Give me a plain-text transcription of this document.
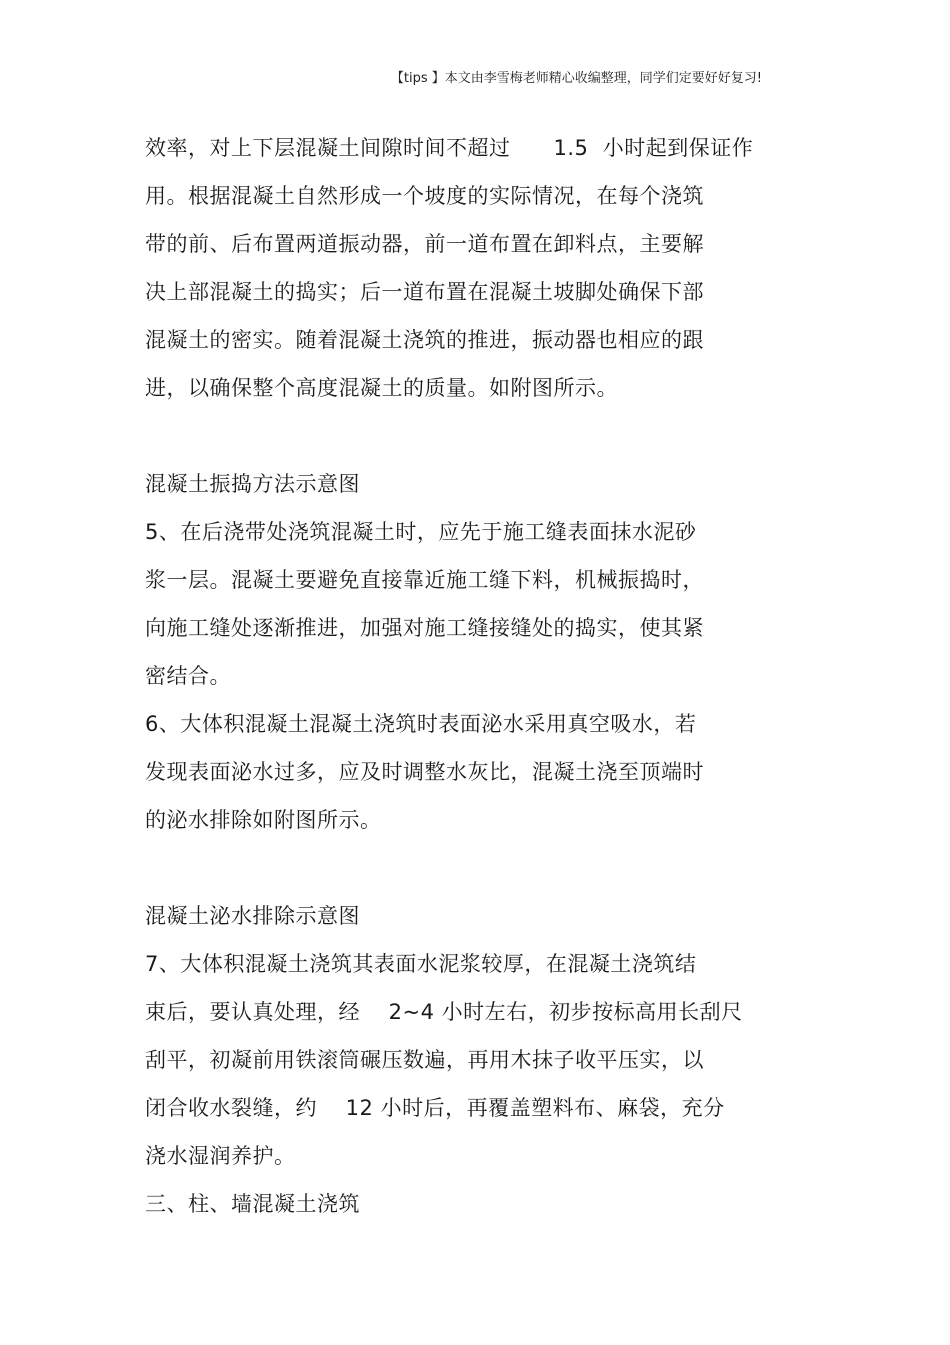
【tips 】本文由李雪梅老师精心收编整理，同学们定要好好复习!
效率，对上下层混凝土间隙时间不超过　　1.5  小时起到保证作
用。根据混凝土自然形成一个坡度的实际情况，在每个浇筑
带的前、后布置两道振动器，前一道布置在卸料点，主要解
决上部混凝土的捣实；后一道布置在混凝土坡脚处确保下部
混凝土的密实。随着混凝土浇筑的推进，振动器也相应的跟
进，以确保整个高度混凝土的质量。如附图所示。
混凝土振捣方法示意图
5、在后浇带处浇筑混凝土时，应先于施工缝表面抹水泥砂
浆一层。混凝土要避免直接靠近施工缝下料，机械振捣时，
向施工缝处逐渐推进，加强对施工缝接缝处的捣实，使其紧
密结合。
6、大体积混凝土混凝土浇筑时表面泌水采用真空吸水，若
发现表面泌水过多，应及时调整水灰比，混凝土浇至顶端时
的泌水排除如附图所示。
混凝土泌水排除示意图
7、大体积混凝土浇筑其表面水泥浆较厚，在混凝土浇筑结
束后，要认真处理，经　 2~4 小时左右，初步按标高用长刮尺
刮平，初凝前用铁滚筒碾压数遍，再用木抹子收平压实，以
闭合收水裂缝，约　 12 小时后，再覆盖塑料布、麻袋，充分
浇水湿润养护。
三、柱、墙混凝土浇筑
